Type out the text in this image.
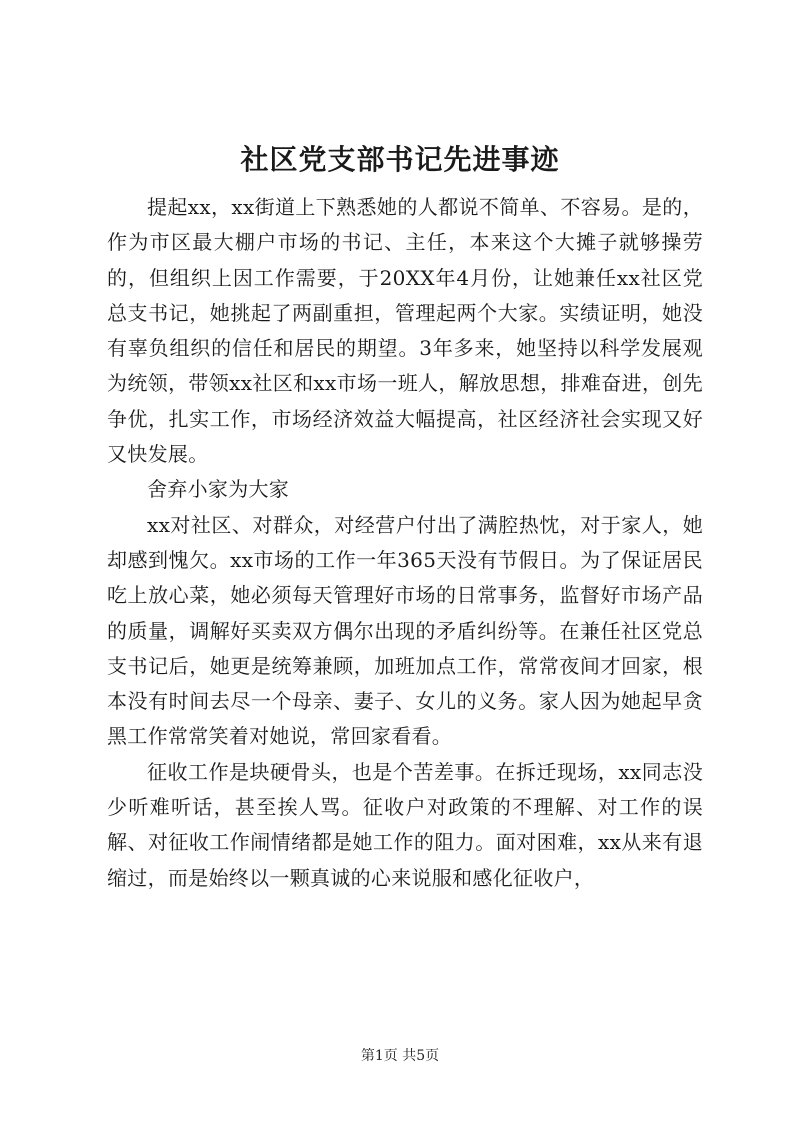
社区党支部书记先进事迹

提起xx，xx街道上下熟悉她的人都说不简单、不容易。是的，作为市区最大棚户市场的书记、主任，本来这个大摊子就够操劳的，但组织上因工作需要，于20XX年4月份，让她兼任xx社区党总支书记，她挑起了两副重担，管理起两个大家。实绩证明，她没有辜负组织的信任和居民的期望。3年多来，她坚持以科学发展观为统领，带领xx社区和xx市场一班人，解放思想，排难奋进，创先争优，扎实工作，市场经济效益大幅提高，社区经济社会实现又好又快发展。

舍弃小家为大家

xx对社区、对群众，对经营户付出了满腔热忱，对于家人，她却感到愧欠。xx市场的工作一年365天没有节假日。为了保证居民吃上放心菜，她必须每天管理好市场的日常事务，监督好市场产品的质量，调解好买卖双方偶尔出现的矛盾纠纷等。在兼任社区党总支书记后，她更是统筹兼顾，加班加点工作，常常夜间才回家，根本没有时间去尽一个母亲、妻子、女儿的义务。家人因为她起早贪黑工作常常笑着对她说，常回家看看。

征收工作是块硬骨头，也是个苦差事。在拆迁现场，xx同志没少听难听话，甚至挨人骂。征收户对政策的不理解、对工作的误解、对征收工作闹情绪都是她工作的阻力。面对困难，xx从来有退缩过，而是始终以一颗真诚的心来说服和感化征收户，

第1页 共5页
